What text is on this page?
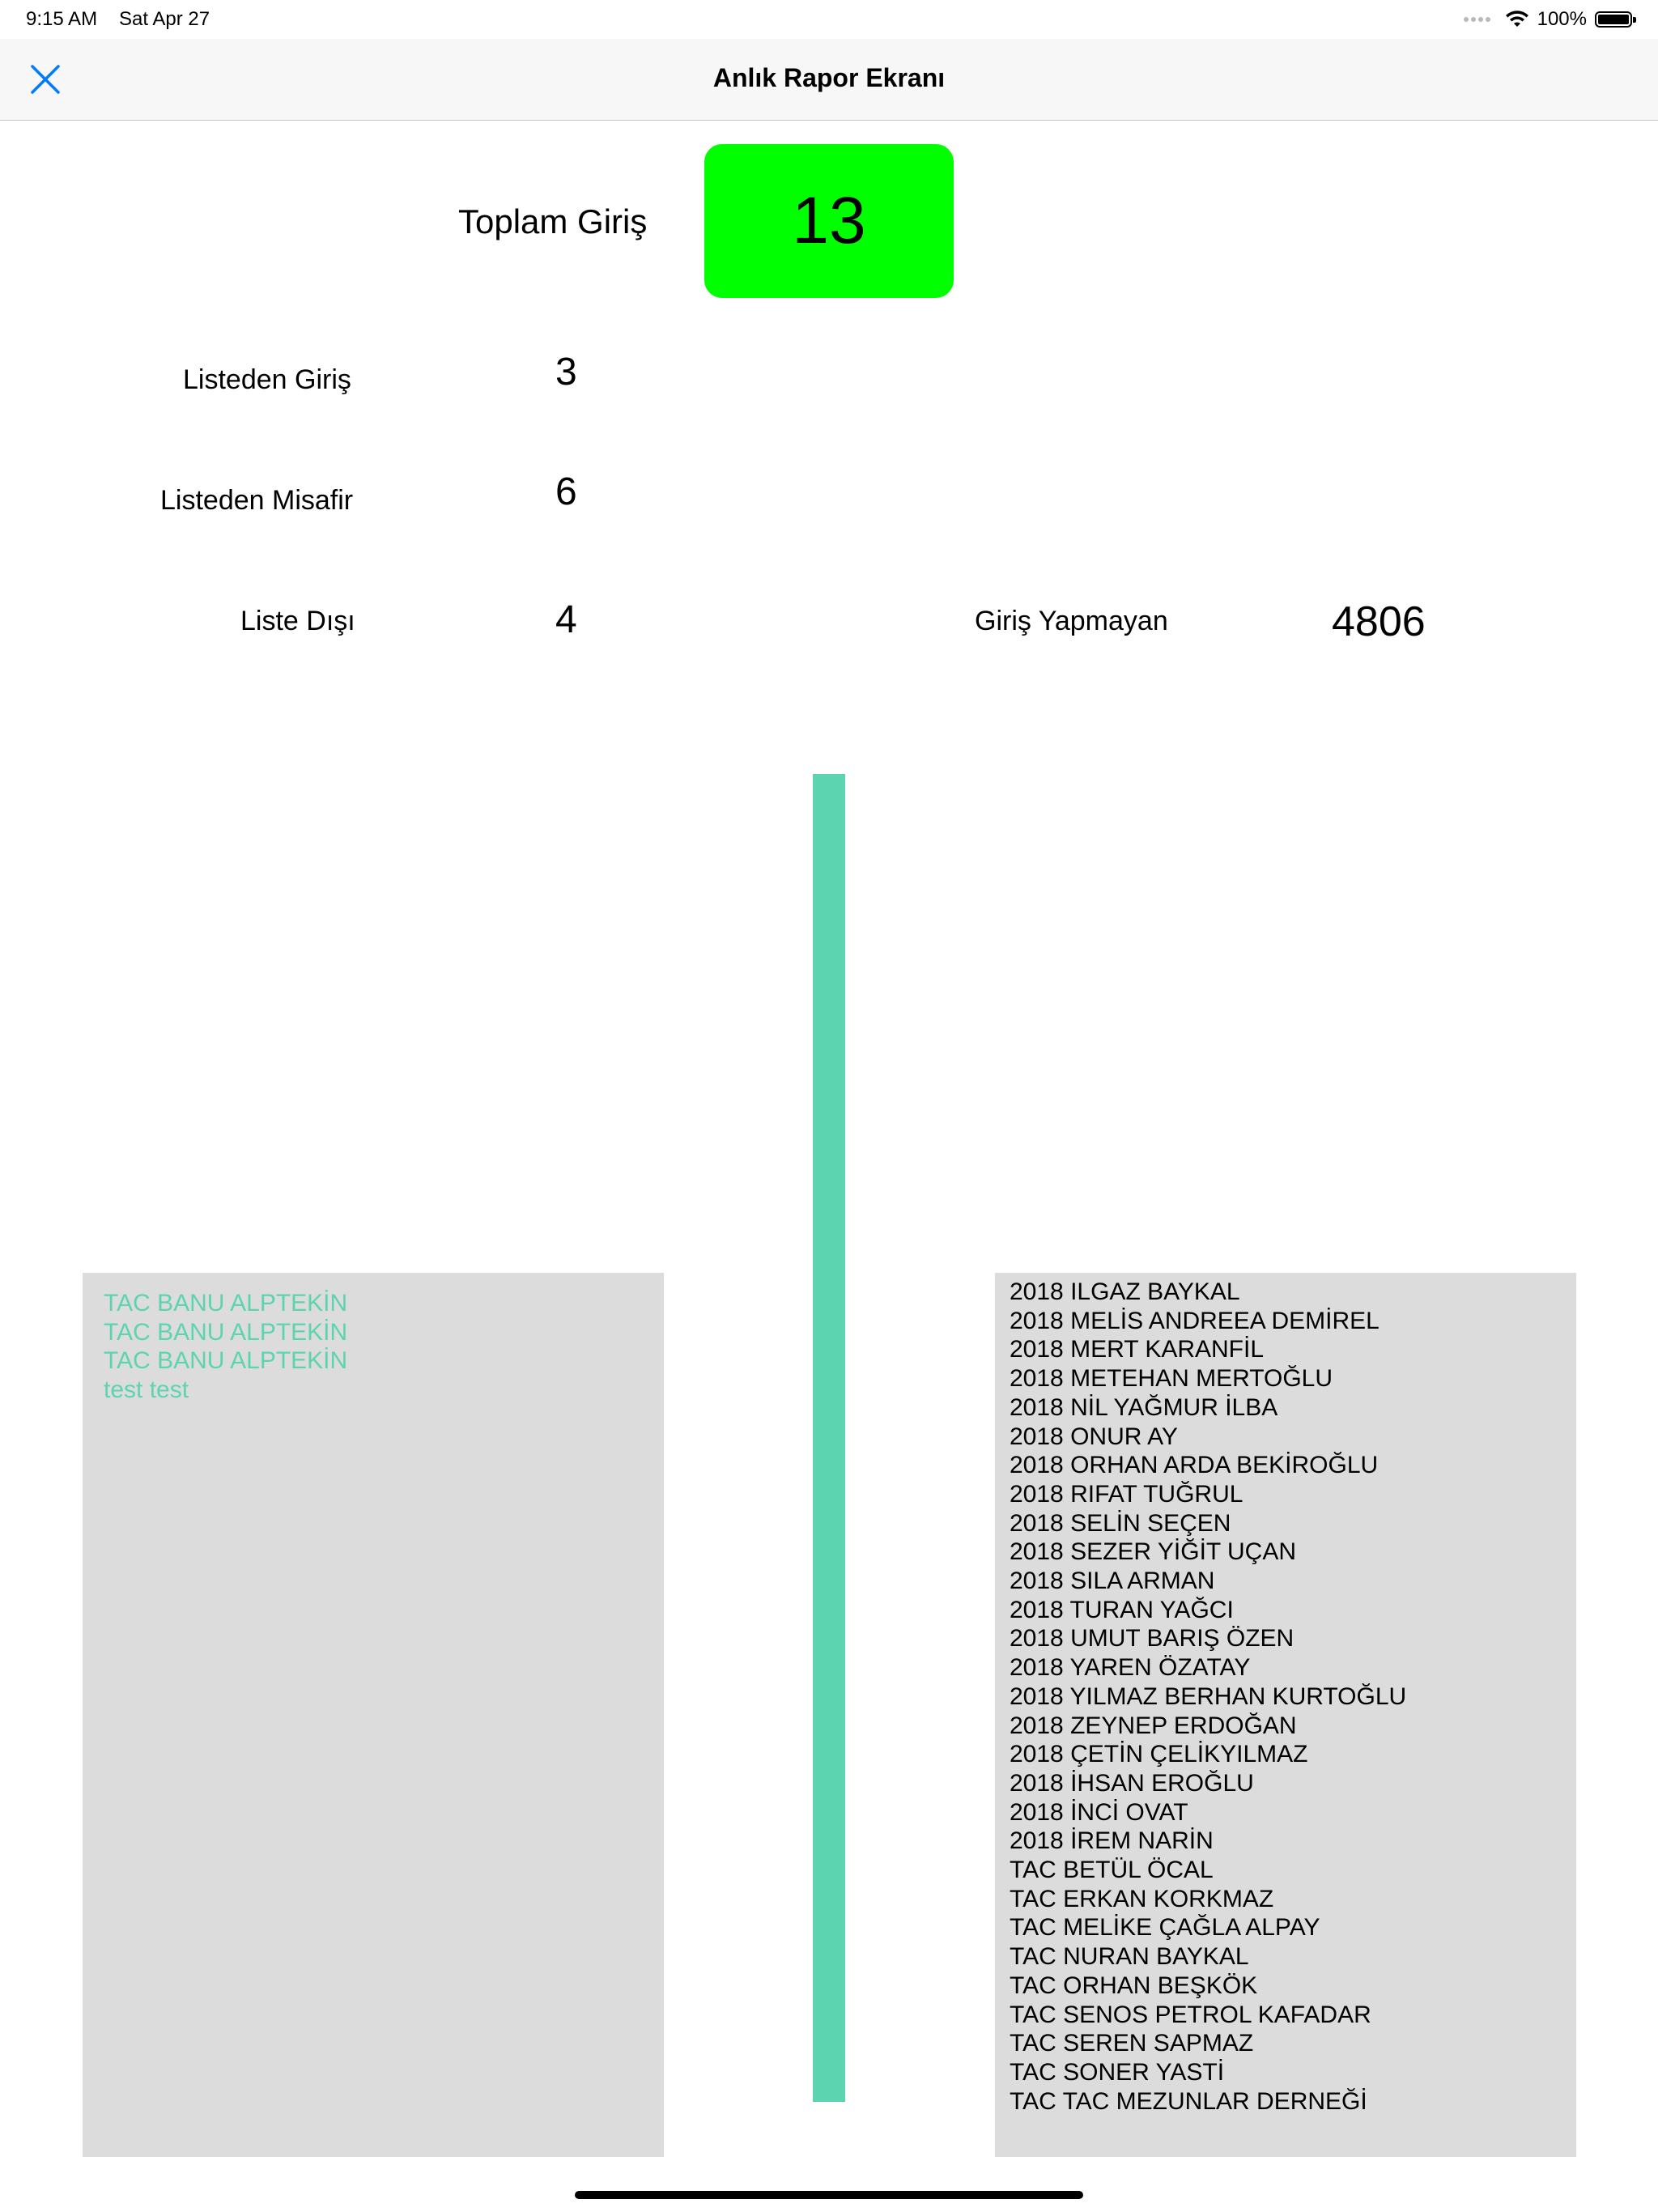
9:15 AM Sat Apr 27	100%
Anlık Rapor Ekranı
Toplam Giriş	13
Listeden Giriş	3
Listeden Misafir	6
Liste Dışı	4	Giriş Yapmayan	4806
TAC BANU ALPTEKİN
TAC BANU ALPTEKİN
TAC BANU ALPTEKİN
test test
2018 ILGAZ BAYKAL
2018 MELİS ANDREEA DEMİREL
2018 MERT KARANFİL
2018 METEHAN MERTOĞLU
2018 NİL YAĞMUR İLBA
2018 ONUR AY
2018 ORHAN ARDA BEKİROĞLU
2018 RIFAT TUĞRUL
2018 SELİN SEÇEN
2018 SEZER YİĞİT UÇAN
2018 SILA ARMAN
2018 TURAN YAĞCI
2018 UMUT BARIŞ ÖZEN
2018 YAREN ÖZATAY
2018 YILMAZ BERHAN KURTOĞLU
2018 ZEYNEP ERDOĞAN
2018 ÇETİN ÇELİKYILMAZ
2018 İHSAN EROĞLU
2018 İNCİ OVAT
2018 İREM NARİN
TAC BETÜL ÖCAL
TAC ERKAN KORKMAZ
TAC MELİKE ÇAĞLA ALPAY
TAC NURAN BAYKAL
TAC ORHAN BEŞKÖK
TAC SENOS PETROL KAFADAR
TAC SEREN SAPMAZ
TAC SONER YASTİ
TAC TAC MEZUNLAR DERNEĞİ
